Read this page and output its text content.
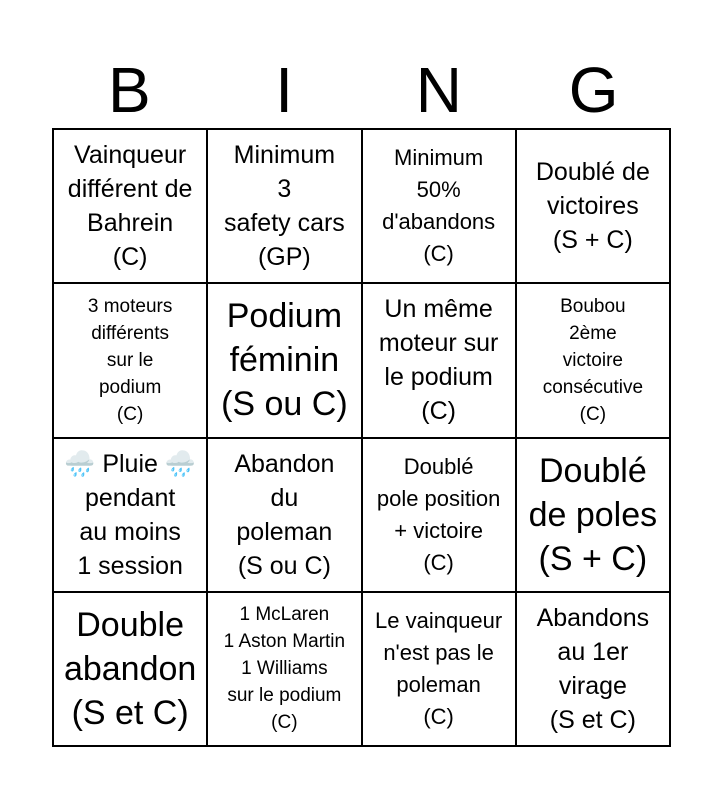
B	I	N	G
Vainqueur
différent de
Bahrein
(C)
Minimum
3
safety cars
(GP)
Minimum
50%
d'abandons
(C)
Doublé de
victoires
(S + C)
3 moteurs
différents
sur le
podium
(C)
Podium
féminin
(S ou C)
Un même
moteur sur
le podium
(C)
Boubou
2ème
victoire
consécutive
(C)
🌧️ Pluie 🌧️
pendant
au moins
1 session
Abandon
du
poleman
(S ou C)
Doublé
pole position
+ victoire
(C)
Doublé
de poles
(S + C)
Double
abandon
(S et C)
1 McLaren
1 Aston Martin
1 Williams
sur le podium
(C)
Le vainqueur
n'est pas le
poleman
(C)
Abandons
au 1er
virage
(S et C)
